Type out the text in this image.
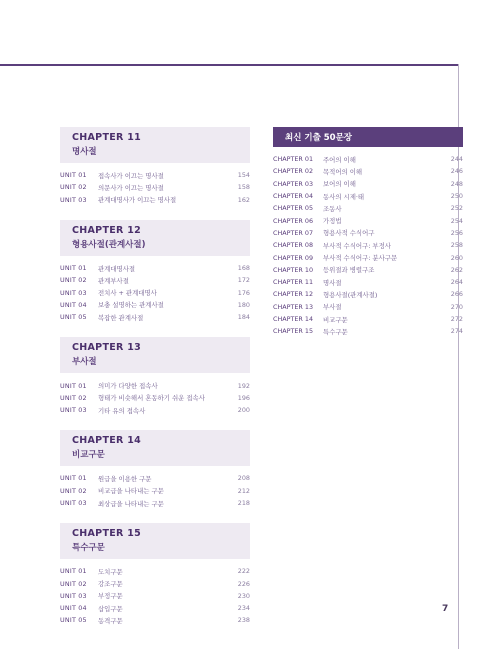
CHAPTER 11
명사절
UNIT 01	접속사가 이끄는 명사절	154
UNIT 02	의문사가 이끄는 명사절	158
UNIT 03	관계대명사가 이끄는 명사절	162
CHAPTER 12
형용사절(관계사절)
UNIT 01	관계대명사절	168
UNIT 02	관계부사절	172
UNIT 03	전치사 + 관계대명사	176
UNIT 04	보충 설명하는 관계사절	180
UNIT 05	복잡한 관계사절	184
CHAPTER 13
부사절
UNIT 01	의미가 다양한 접속사	192
UNIT 02	형태가 비슷해서 혼동하기 쉬운 접속사	196
UNIT 03	기타 유의 접속사	200
CHAPTER 14
비교구문
UNIT 01	원급을 이용한 구문	208
UNIT 02	비교급을 나타내는 구문	212
UNIT 03	최상급을 나타내는 구문	218
CHAPTER 15
특수구문
UNIT 01	도치구문	222
UNIT 02	강조구문	226
UNIT 03	부정구문	230
UNIT 04	삽입구문	234
UNIT 05	동격구문	238
최신 기출 50문장
CHAPTER 01	주어의 이해	244
CHAPTER 02	목적어의 이해	246
CHAPTER 03	보어의 이해	248
CHAPTER 04	동사의 시제·태	250
CHAPTER 05	조동사	252
CHAPTER 06	가정법	254
CHAPTER 07	형용사적 수식어구	256
CHAPTER 08	부사적 수식어구: 부정사	258
CHAPTER 09	부사적 수식어구: 분사구문	260
CHAPTER 10	등위절과 병렬구조	262
CHAPTER 11	명사절	264
CHAPTER 12	형용사절(관계사절)	266
CHAPTER 13	부사절	270
CHAPTER 14	비교구문	272
CHAPTER 15	특수구문	274
7
